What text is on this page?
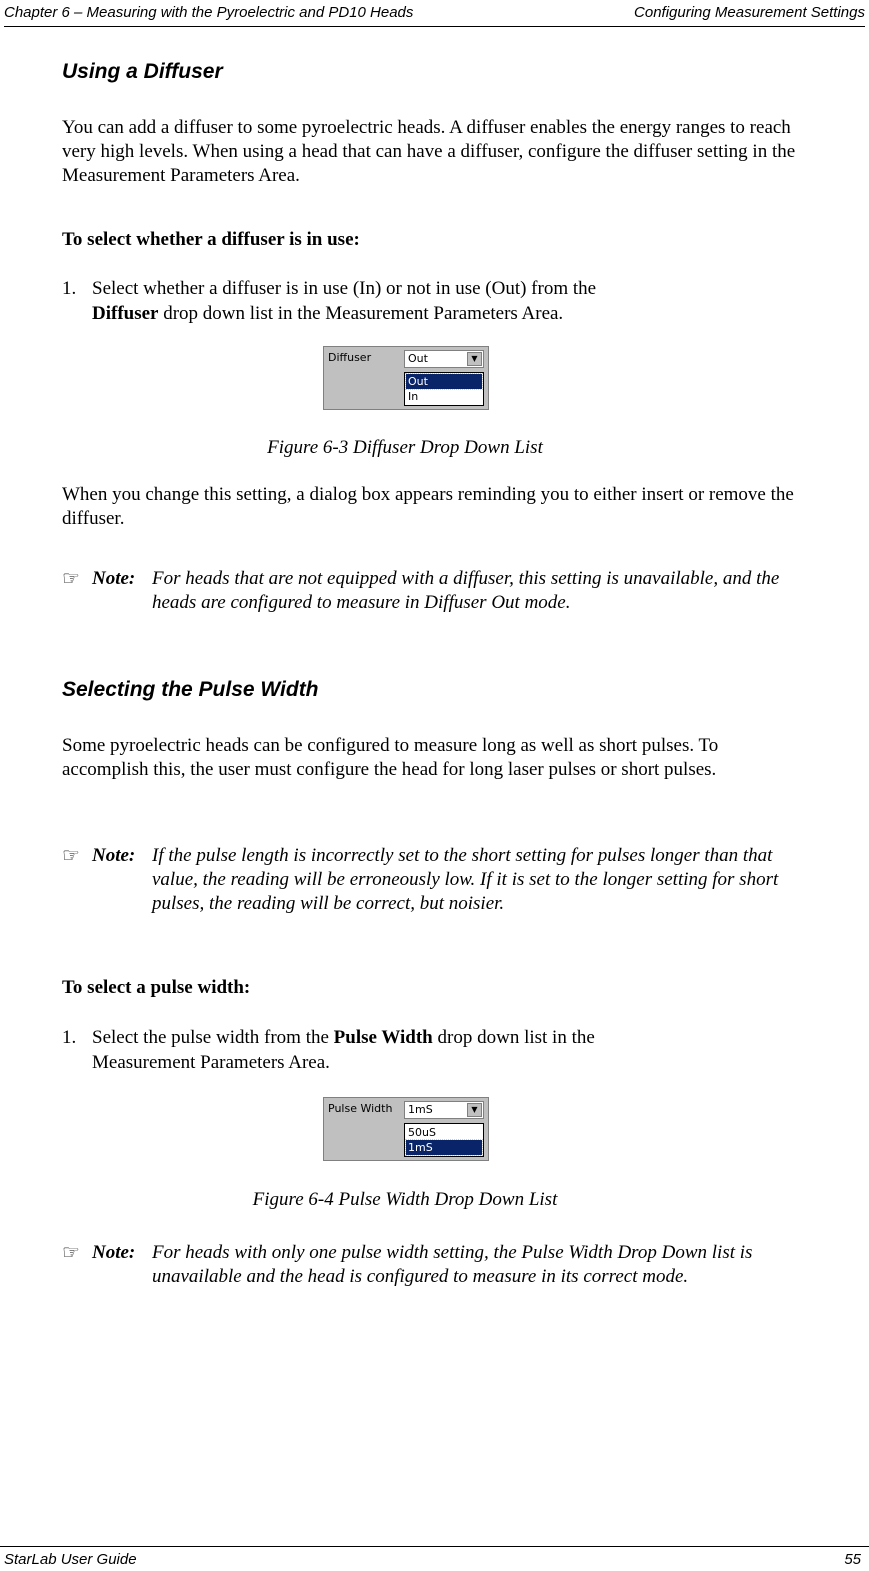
Chapter 6 – Measuring with the Pyroelectric and PD10 Heads	Configuring Measurement Settings
Using a Diffuser
You can add a diffuser to some pyroelectric heads. A diffuser enables the energy ranges to reach very high levels. When using a head that can have a diffuser, configure the diffuser setting in the Measurement Parameters Area.
To select whether a diffuser is in use:
1. Select whether a diffuser is in use (In) or not in use (Out) from the
Diffuser drop down list in the Measurement Parameters Area.
Diffuser	Out	▼
Out
In
Figure 6-3 Diffuser Drop Down List
When you change this setting, a dialog box appears reminding you to either insert or remove the diffuser.
☞ Note: For heads that are not equipped with a diffuser, this setting is unavailable, and the heads are configured to measure in Diffuser Out mode.
Selecting the Pulse Width
Some pyroelectric heads can be configured to measure long as well as short pulses. To accomplish this, the user must configure the head for long laser pulses or short pulses.
☞ Note: If the pulse length is incorrectly set to the short setting for pulses longer than that value, the reading will be erroneously low. If it is set to the longer setting for short pulses, the reading will be correct, but noisier.
To select a pulse width:
1. Select the pulse width from the Pulse Width drop down list in the
Measurement Parameters Area.
Pulse Width 1mS	▼
50uS
1mS
Figure 6-4 Pulse Width Drop Down List
☞ Note: For heads with only one pulse width setting, the Pulse Width Drop Down list is unavailable and the head is configured to measure in its correct mode.
StarLab User Guide	55
